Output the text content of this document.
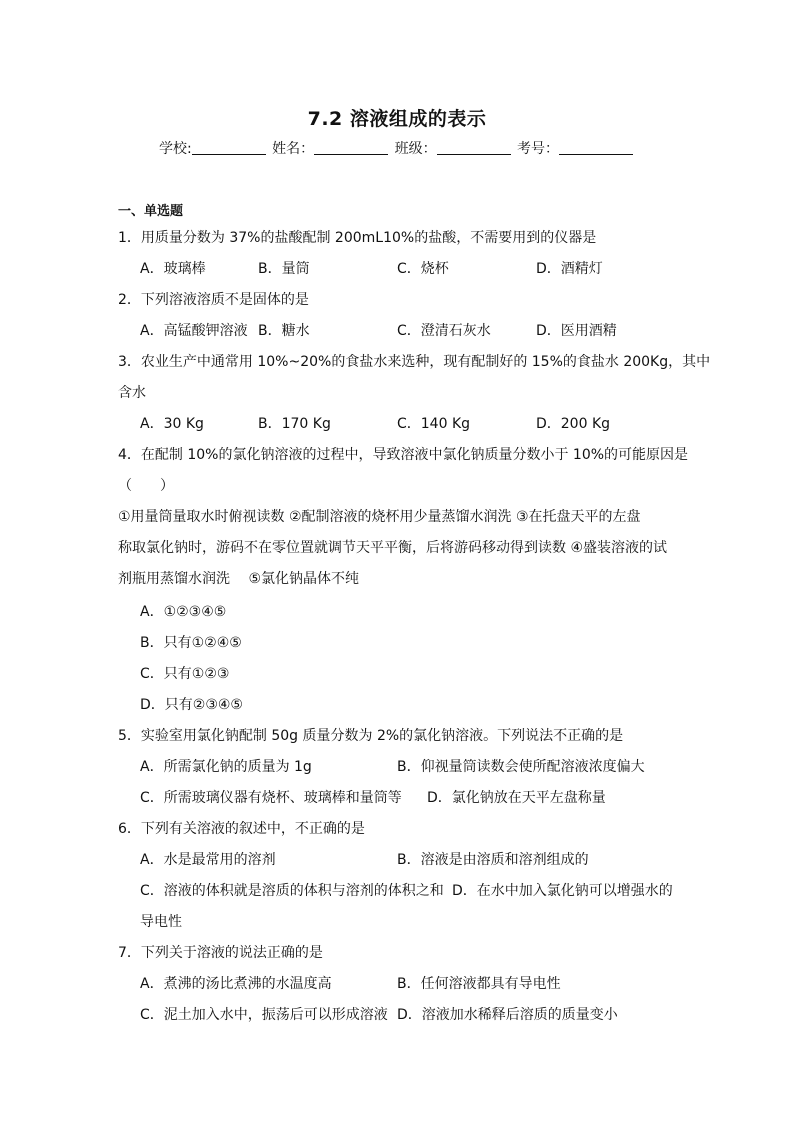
7.2 溶液组成的表示
学校:	姓名：	班级：	考号：
一、单选题
1．用质量分数为 37%的盐酸配制 200mL10%的盐酸，不需要用到的仪器是
A．玻璃棒	B．量筒	C．烧杯	D．酒精灯
2．下列溶液溶质不是固体的是
A．高锰酸钾溶液 B．糖水	C．澄清石灰水	D．医用酒精
3．农业生产中通常用 10%~20%的食盐水来选种，现有配制好的 15%的食盐水 200Kg，其中
含水
A．30 Kg	B．170 Kg	C．140 Kg	D．200 Kg
4．在配制 10%的氯化钠溶液的过程中，导致溶液中氯化钠质量分数小于 10%的可能原因是
（　　）
①用量筒量取水时俯视读数 ②配制溶液的烧杯用少量蒸馏水润洗 ③在托盘天平的左盘
称取氯化钠时，游码不在零位置就调节天平平衡，后将游码移动得到读数 ④盛装溶液的试
剂瓶用蒸馏水润洗　 ⑤氯化钠晶体不纯
A．①②③④⑤
B．只有①②④⑤
C．只有①②③
D．只有②③④⑤
5．实验室用氯化钠配制 50g 质量分数为 2%的氯化钠溶液。下列说法不正确的是
A．所需氯化钠的质量为 1g	B．仰视量筒读数会使所配溶液浓度偏大
C．所需玻璃仪器有烧杯、玻璃棒和量筒等 D．氯化钠放在天平左盘称量
6．下列有关溶液的叙述中，不正确的是
A．水是最常用的溶剂	B．溶液是由溶质和溶剂组成的
C．溶液的体积就是溶质的体积与溶剂的体积之和 D．在水中加入氯化钠可以增强水的
导电性
7．下列关于溶液的说法正确的是
A．煮沸的汤比煮沸的水温度高	B．任何溶液都具有导电性
C．泥土加入水中，振荡后可以形成溶液 D．溶液加水稀释后溶质的质量变小
